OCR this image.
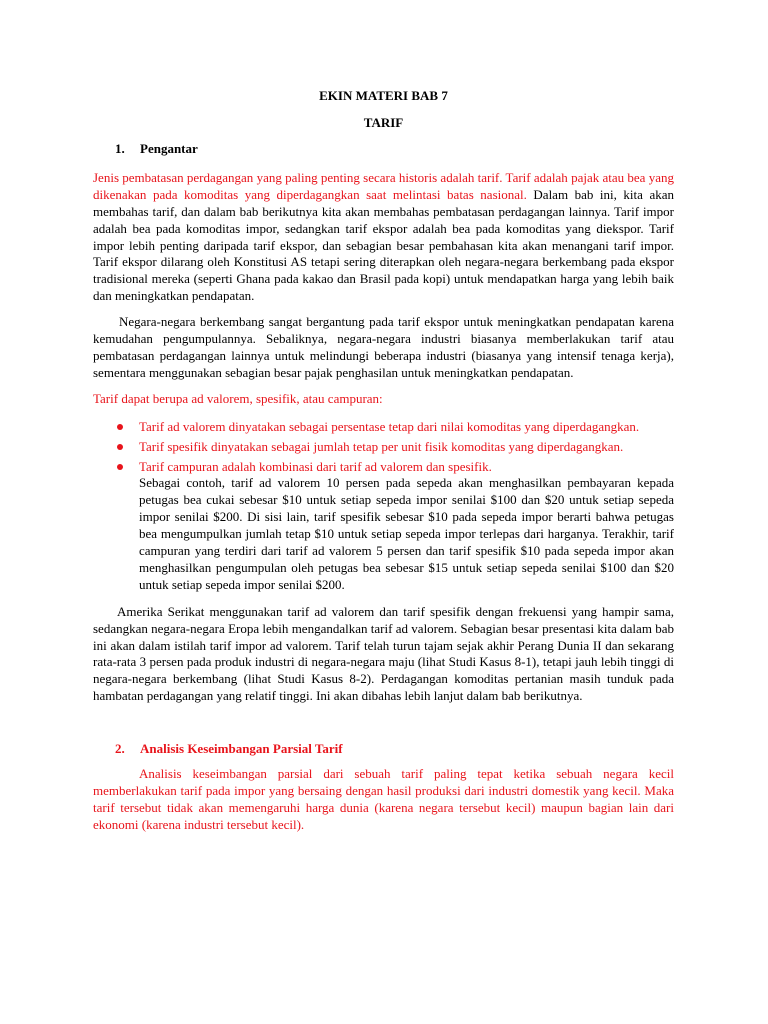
EKIN MATERI BAB 7
TARIF
1. Pengantar

Jenis pembatasan perdagangan yang paling penting secara historis adalah tarif. Tarif adalah pajak atau bea yang dikenakan pada komoditas yang diperdagangkan saat melintasi batas nasional. Dalam bab ini, kita akan membahas tarif, dan dalam bab berikutnya kita akan membahas pembatasan perdagangan lainnya. Tarif impor adalah bea pada komoditas impor, sedangkan tarif ekspor adalah bea pada komoditas yang diekspor. Tarif impor lebih penting daripada tarif ekspor, dan sebagian besar pembahasan kita akan menangani tarif impor. Tarif ekspor dilarang oleh Konstitusi AS tetapi sering diterapkan oleh negara-negara berkembang pada ekspor tradisional mereka (seperti Ghana pada kakao dan Brasil pada kopi) untuk mendapatkan harga yang lebih baik dan meningkatkan pendapatan.

Negara-negara berkembang sangat bergantung pada tarif ekspor untuk meningkatkan pendapatan karena kemudahan pengumpulannya. Sebaliknya, negara-negara industri biasanya memberlakukan tarif atau pembatasan perdagangan lainnya untuk melindungi beberapa industri (biasanya yang intensif tenaga kerja), sementara menggunakan sebagian besar pajak penghasilan untuk meningkatkan pendapatan.

Tarif dapat berupa ad valorem, spesifik, atau campuran:

Tarif ad valorem dinyatakan sebagai persentase tetap dari nilai komoditas yang diperdagangkan.
Tarif spesifik dinyatakan sebagai jumlah tetap per unit fisik komoditas yang diperdagangkan.
Tarif campuran adalah kombinasi dari tarif ad valorem dan spesifik.
Sebagai contoh, tarif ad valorem 10 persen pada sepeda akan menghasilkan pembayaran kepada petugas bea cukai sebesar $10 untuk setiap sepeda impor senilai $100 dan $20 untuk setiap sepeda impor senilai $200. Di sisi lain, tarif spesifik sebesar $10 pada sepeda impor berarti bahwa petugas bea mengumpulkan jumlah tetap $10 untuk setiap sepeda impor terlepas dari harganya. Terakhir, tarif campuran yang terdiri dari tarif ad valorem 5 persen dan tarif spesifik $10 pada sepeda impor akan menghasilkan pengumpulan oleh petugas bea sebesar $15 untuk setiap sepeda senilai $100 dan $20 untuk setiap sepeda impor senilai $200.

Amerika Serikat menggunakan tarif ad valorem dan tarif spesifik dengan frekuensi yang hampir sama, sedangkan negara-negara Eropa lebih mengandalkan tarif ad valorem. Sebagian besar presentasi kita dalam bab ini akan dalam istilah tarif impor ad valorem. Tarif telah turun tajam sejak akhir Perang Dunia II dan sekarang rata-rata 3 persen pada produk industri di negara-negara maju (lihat Studi Kasus 8-1), tetapi jauh lebih tinggi di negara-negara berkembang (lihat Studi Kasus 8-2). Perdagangan komoditas pertanian masih tunduk pada hambatan perdagangan yang relatif tinggi. Ini akan dibahas lebih lanjut dalam bab berikutnya.

2. Analisis Keseimbangan Parsial Tarif

Analisis keseimbangan parsial dari sebuah tarif paling tepat ketika sebuah negara kecil memberlakukan tarif pada impor yang bersaing dengan hasil produksi dari industri domestik yang kecil. Maka tarif tersebut tidak akan memengaruhi harga dunia (karena negara tersebut kecil) maupun bagian lain dari ekonomi (karena industri tersebut kecil).
